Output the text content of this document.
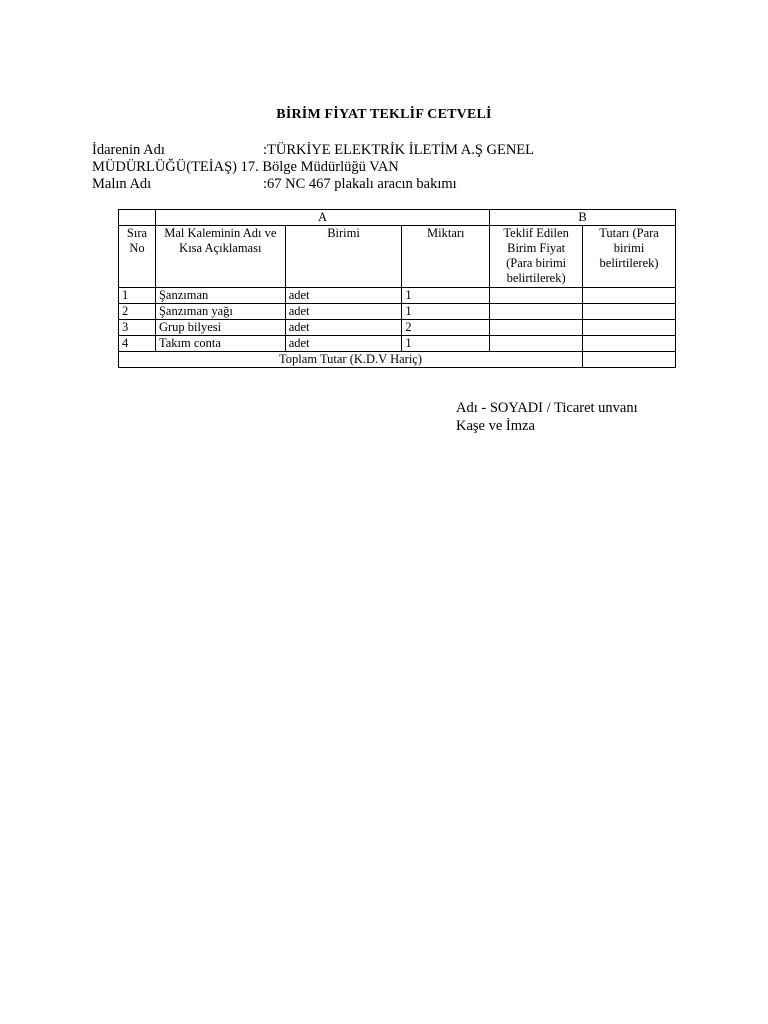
BİRİM FİYAT TEKLİF CETVELİ
İdarenin Adı	:TÜRKİYE ELEKTRİK İLETİM A.Ş GENEL
MÜDÜRLÜĞÜ(TEİAŞ) 17. Bölge Müdürlüğü VAN
Malın Adı	:67 NC 467 plakalı aracın bakımı
	A			B	
Sıra No	Mal Kaleminin Adı ve Kısa Açıklaması	Birimi	Miktarı	Teklif Edilen Birim Fiyat (Para birimi belirtilerek)	Tutarı (Para birimi belirtilerek)
1	Şanzıman	adet	1		
2	Şanzıman yağı	adet	1		
3	Grup bilyesi	adet	2		
4	Takım conta	adet	1		
Toplam Tutar (K.D.V Hariç)					
Adı - SOYADI / Ticaret unvanı
Kaşe ve İmza
